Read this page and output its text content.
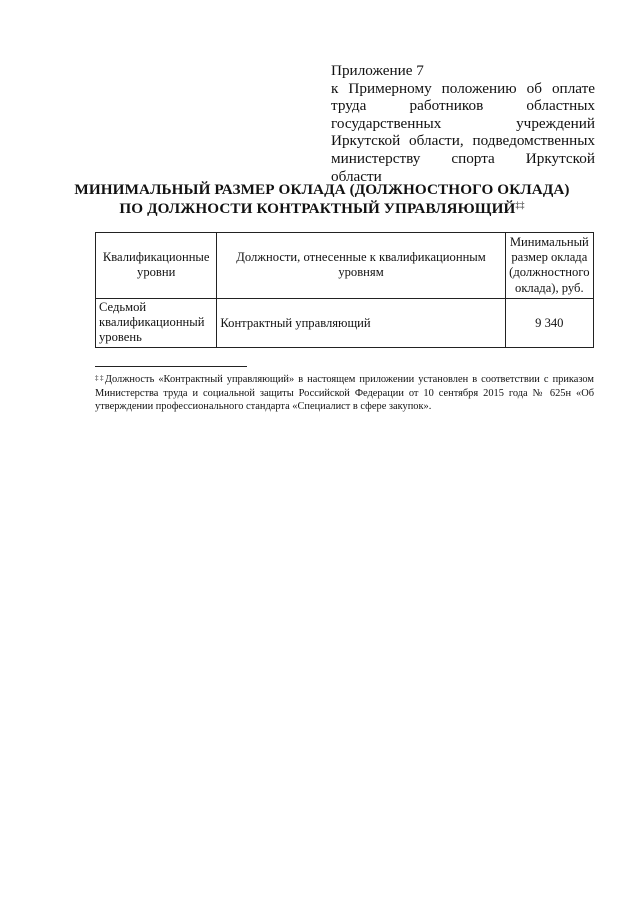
Приложение 7
к Примерному положению об оплате труда работников областных государственных учреждений Иркутской области, подведомственных министерству спорта Иркутской области
МИНИМАЛЬНЫЙ РАЗМЕР ОКЛАДА (ДОЛЖНОСТНОГО ОКЛАДА)
ПО ДОЛЖНОСТИ КОНТРАКТНЫЙ УПРАВЛЯЮЩИЙ‡‡
Квалификационные уровни	Должности, отнесенные к квалификационным уровням	Минимальный размер оклада (должностного оклада), руб.
Седьмой квалификационный уровень	Контрактный управляющий	9 340
‡‡Должность «Контрактный управляющий» в настоящем приложении установлен в соответствии с приказом Министерства труда и социальной защиты Российской Федерации от 10 сентября 2015 года № 625н «Об утверждении профессионального стандарта «Специалист в сфере закупок».
